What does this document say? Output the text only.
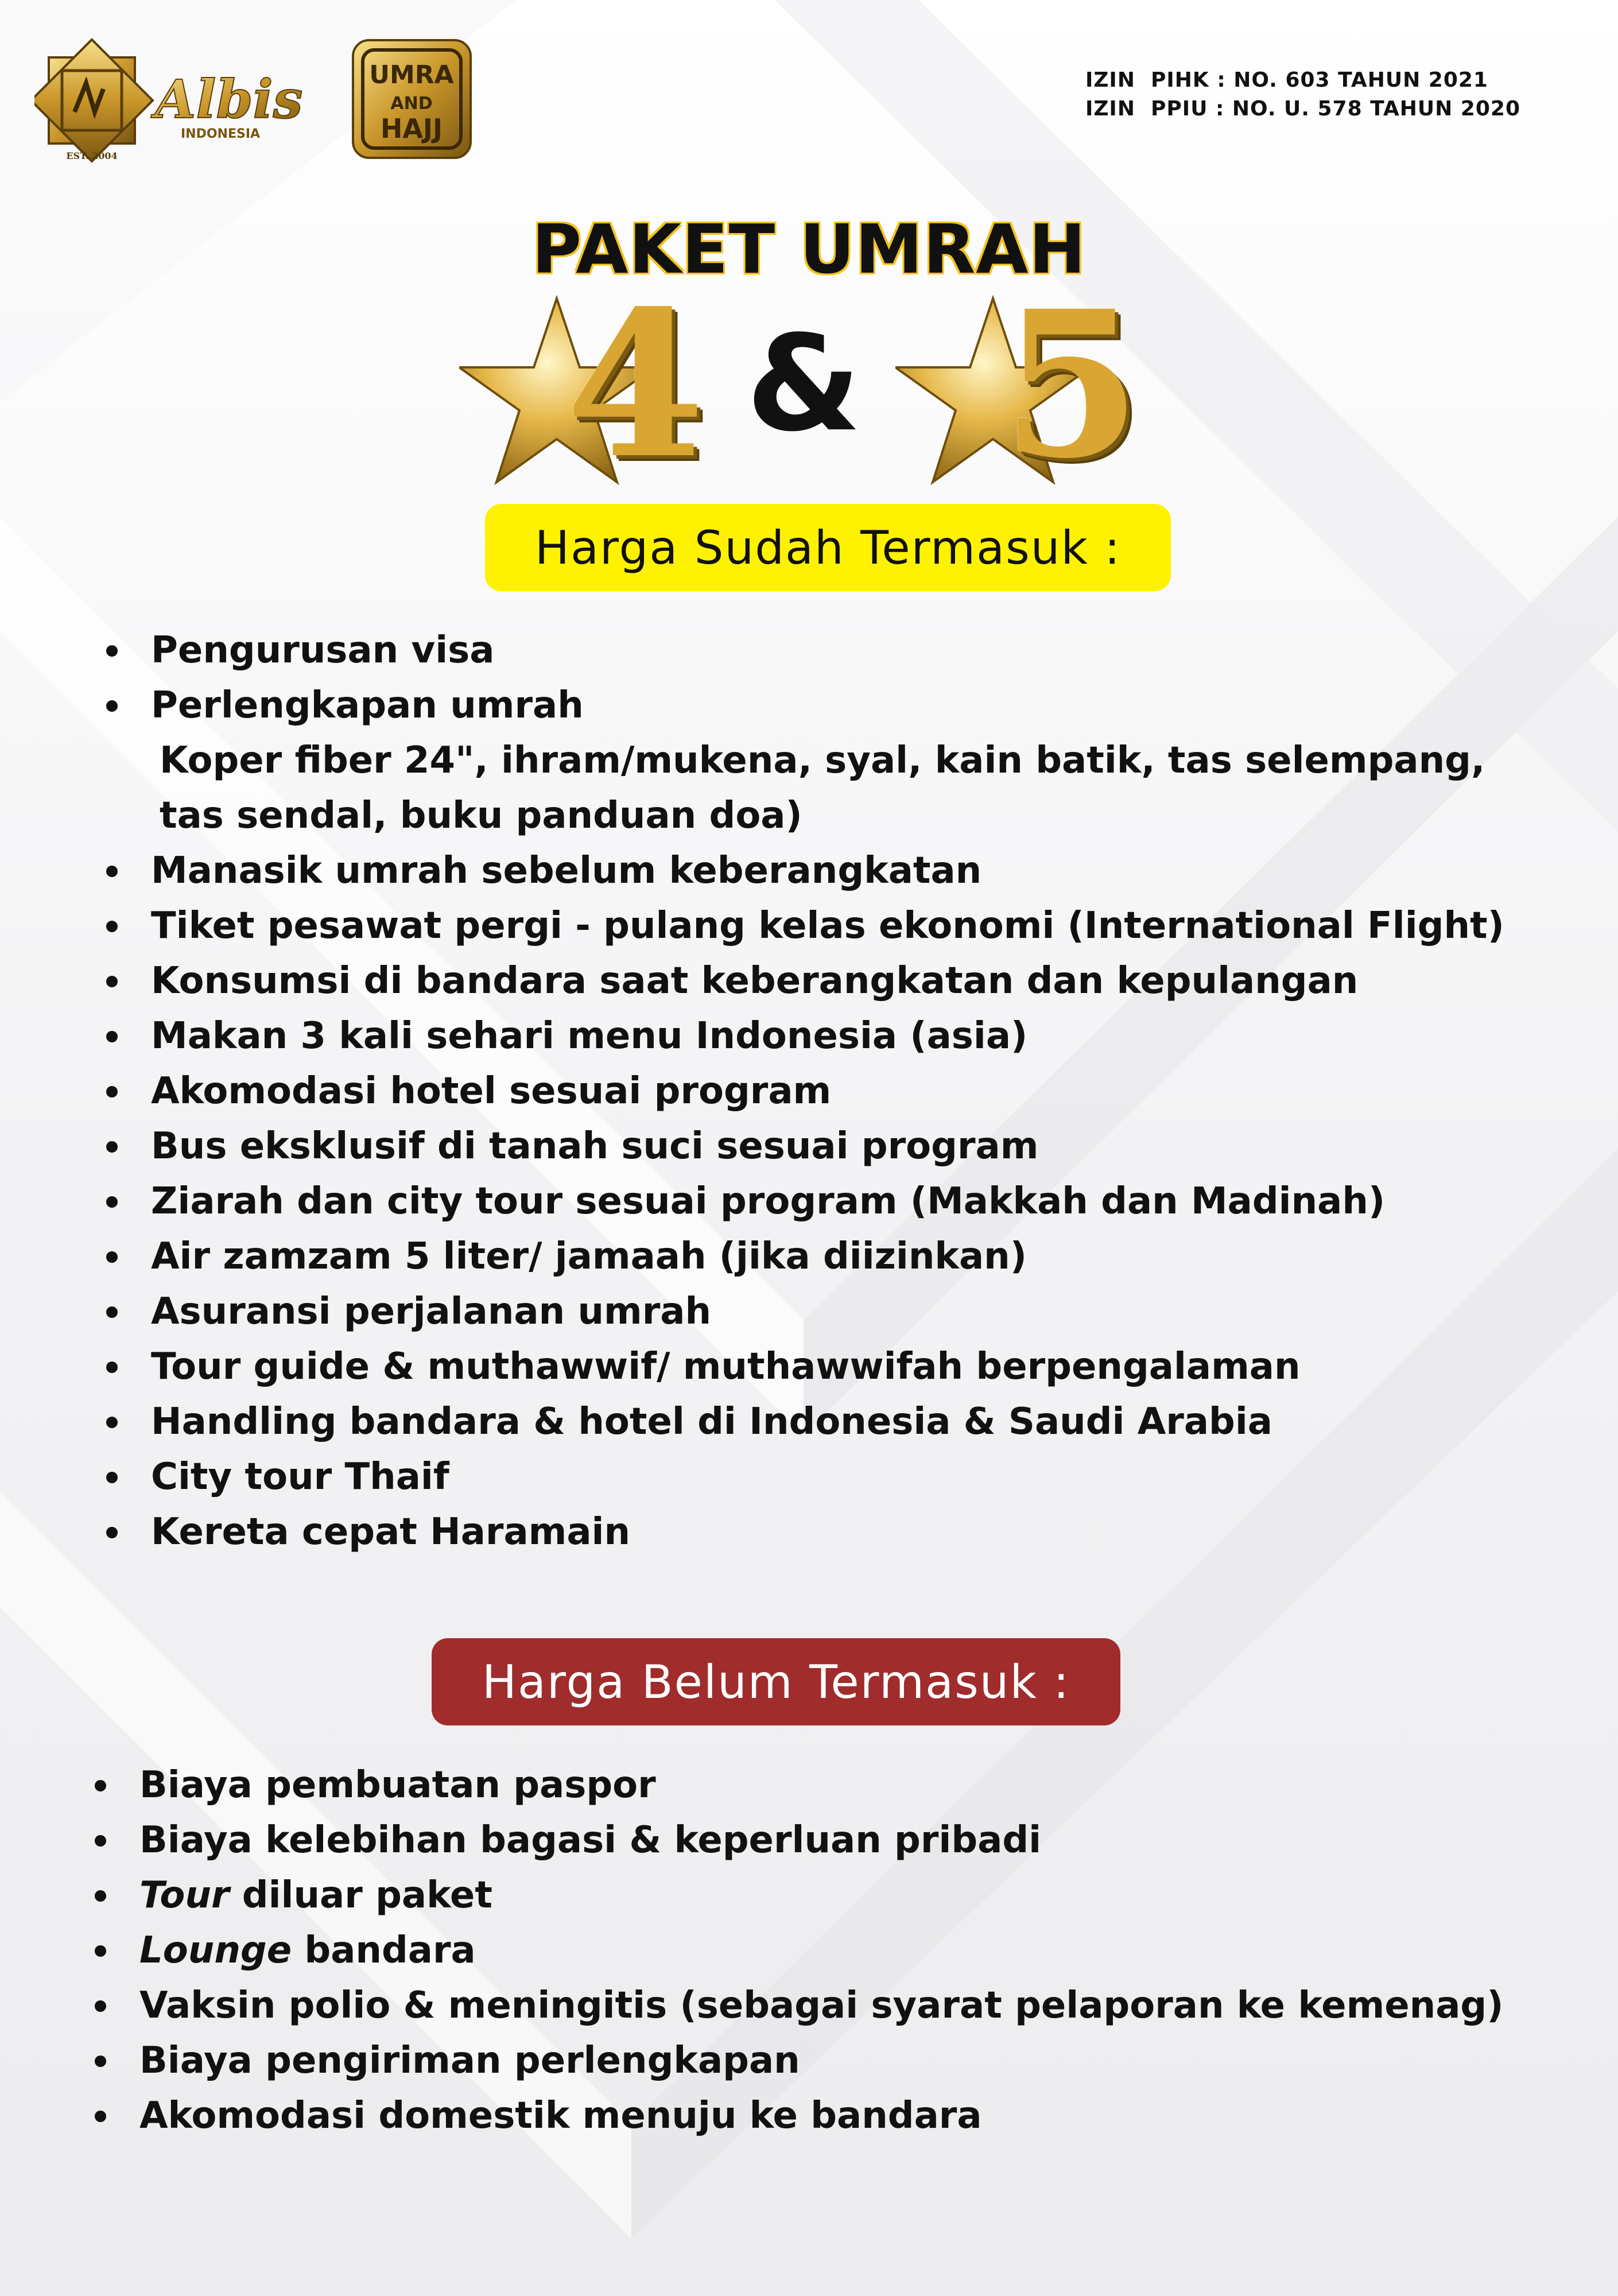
EST. 2004
Albis
INDONESIA
UMRA
AND
HAJJ
IZIN  PIHK : NO. 603 TAHUN 2021
IZIN  PPIU : NO. U. 578 TAHUN 2020
PAKET UMRAH
4 & 5
Harga Sudah Termasuk :
Pengurusan visa
Perlengkapan umrah
Koper fiber 24", ihram/mukena, syal, kain batik, tas selempang,
tas sendal, buku panduan doa)
Manasik umrah sebelum keberangkatan
Tiket pesawat pergi - pulang kelas ekonomi (International Flight)
Konsumsi di bandara saat keberangkatan dan kepulangan
Makan 3 kali sehari menu Indonesia (asia)
Akomodasi hotel sesuai program
Bus eksklusif di tanah suci sesuai program
Ziarah dan city tour sesuai program (Makkah dan Madinah)
Air zamzam 5 liter/ jamaah (jika diizinkan)
Asuransi perjalanan umrah
Tour guide & muthawwif/ muthawwifah berpengalaman
Handling bandara & hotel di Indonesia & Saudi Arabia
City tour Thaif
Kereta cepat Haramain
Harga Belum Termasuk :
Biaya pembuatan paspor
Biaya kelebihan bagasi & keperluan pribadi
Tour diluar paket
Lounge bandara
Vaksin polio & meningitis (sebagai syarat pelaporan ke kemenag)
Biaya pengiriman perlengkapan
Akomodasi domestik menuju ke bandara
